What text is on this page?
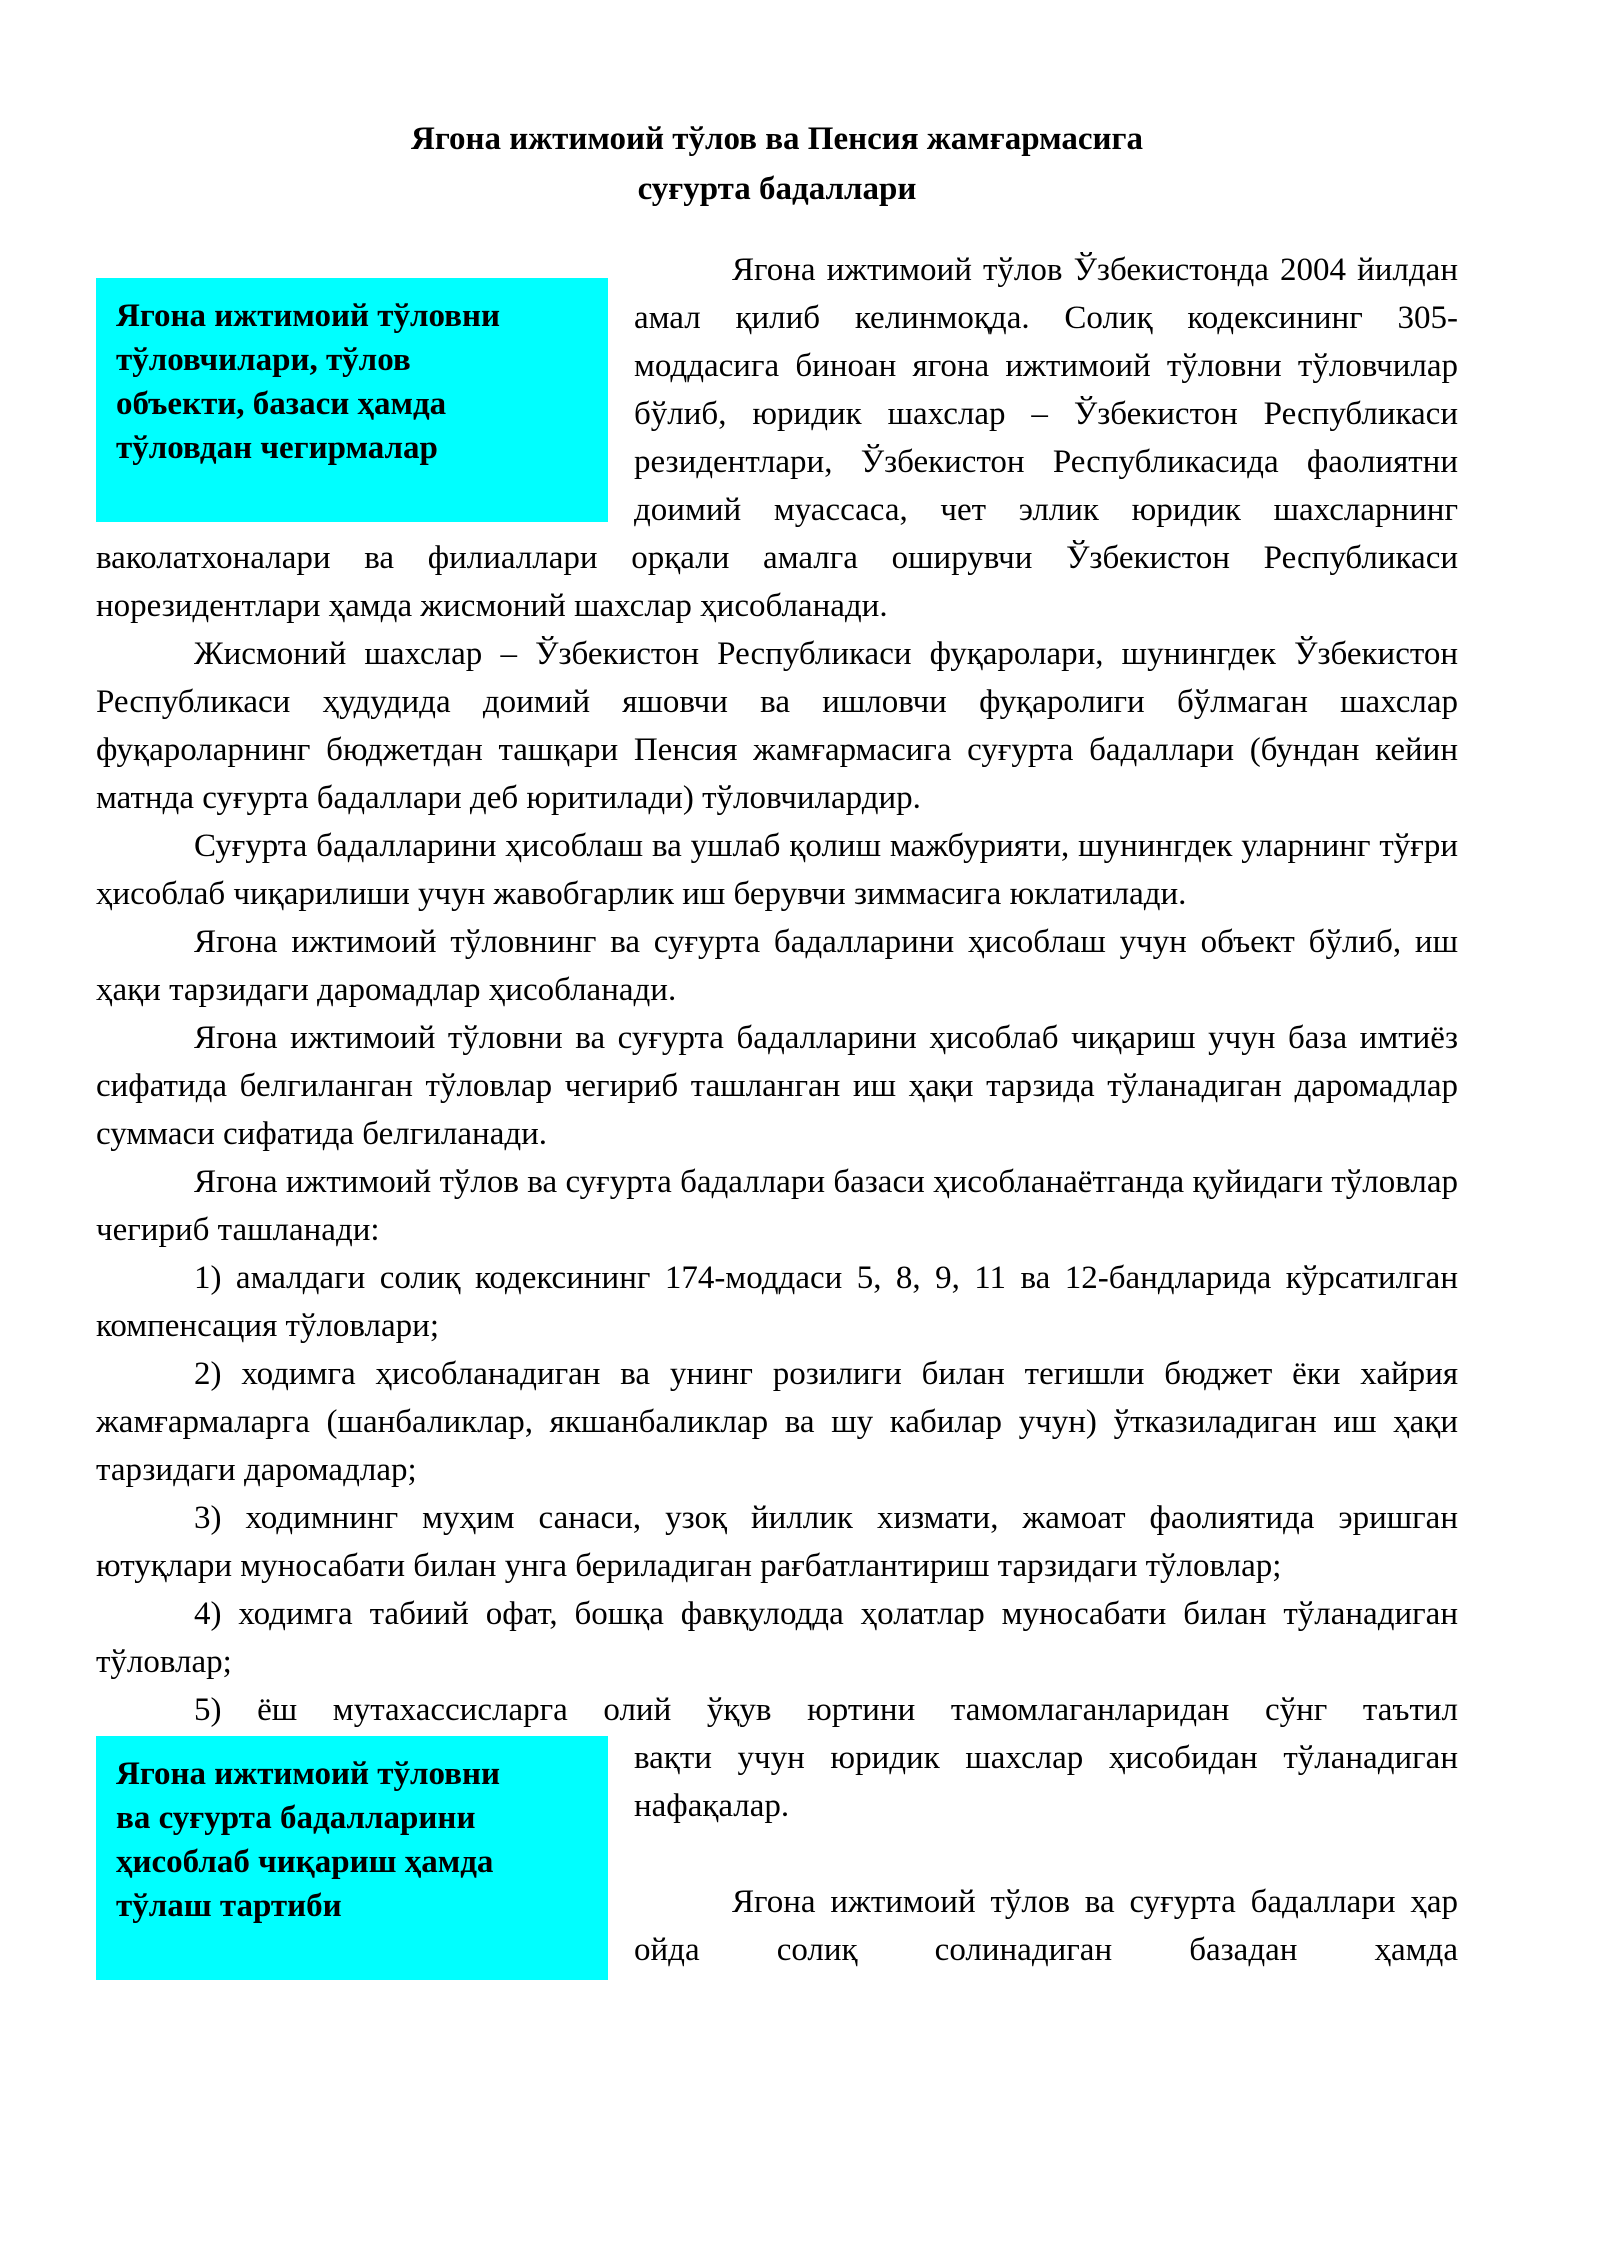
Ягона ижтимоий тўлов ва Пенсия жамғармасига
суғурта бадаллари
Ягона ижтимоий тўловни
тўловчилари, тўлов
объекти, базаси ҳамда
тўловдан чегирмалар

Ягона ижтимоий тўлов Ўзбекистонда 2004 йилдан амал қилиб келинмоқда. Солиқ кодексининг 305-моддасига биноан ягона ижтимоий тўловни тўловчилар бўлиб, юридик шахслар – Ўзбекистон Республикаси резидентлари, Ўзбекистон Республикасида фаолиятни доимий муассаса, чет эллик юридик шахсларнинг ваколатхоналари ва филиаллари орқали амалга оширувчи Ўзбекистон Республикаси норезидентлари ҳамда жисмоний шахслар ҳисобланади.

Жисмоний шахслар – Ўзбекистон Республикаси фуқаролари, шунингдек Ўзбекистон Республикаси ҳудудида доимий яшовчи ва ишловчи фуқаролиги бўлмаган шахслар фуқароларнинг бюджетдан ташқари Пенсия жамғармасига суғурта бадаллари (бундан кейин матнда суғурта бадаллари деб юритилади) тўловчилардир.

Суғурта бадалларини ҳисоблаш ва ушлаб қолиш мажбурияти, шунингдек уларнинг тўғри ҳисоблаб чиқарилиши учун жавобгарлик иш берувчи зиммасига юклатилади.

Ягона ижтимоий тўловнинг ва суғурта бадалларини ҳисоблаш учун объект бўлиб, иш ҳақи тарзидаги даромадлар ҳисобланади.

Ягона ижтимоий тўловни ва суғурта бадалларини ҳисоблаб чиқариш учун база имтиёз сифатида белгиланган тўловлар чегириб ташланган иш ҳақи тарзида тўланадиган даромадлар суммаси сифатида белгиланади.

Ягона ижтимоий тўлов ва суғурта бадаллари базаси ҳисобланаётганда қуйидаги тўловлар чегириб ташланади:

1) амалдаги солиқ кодексининг 174-моддаси 5, 8, 9, 11 ва 12-бандларида кўрсатилган компенсация тўловлари;

2) ходимга ҳисобланадиган ва унинг розилиги билан тегишли бюджет ёки хайрия жамғармаларга (шанбаликлар, якшанбаликлар ва шу кабилар учун) ўтказиладиган иш ҳақи тарзидаги даромадлар;

3) ходимнинг муҳим санаси, узоқ йиллик хизмати, жамоат фаолиятида эришган ютуқлари муносабати билан унга бериладиган рағбатлантириш тарзидаги тўловлар;

4) ходимга табиий офат, бошқа фавқулодда ҳолатлар муносабати билан тўланадиган тўловлар;

5) ёш мутахассисларга олий ўқув юртини тамомлаганларидан сўнг таътил

Ягона ижтимоий тўловни
ва суғурта бадалларини
ҳисоблаб чиқариш ҳамда
тўлаш тартиби

вақти учун юридик шахслар ҳисобидан тўланадиган нафақалар.

Ягона ижтимоий тўлов ва суғурта бадаллари ҳар ойда солиқ солинадиган базадан ҳамда
